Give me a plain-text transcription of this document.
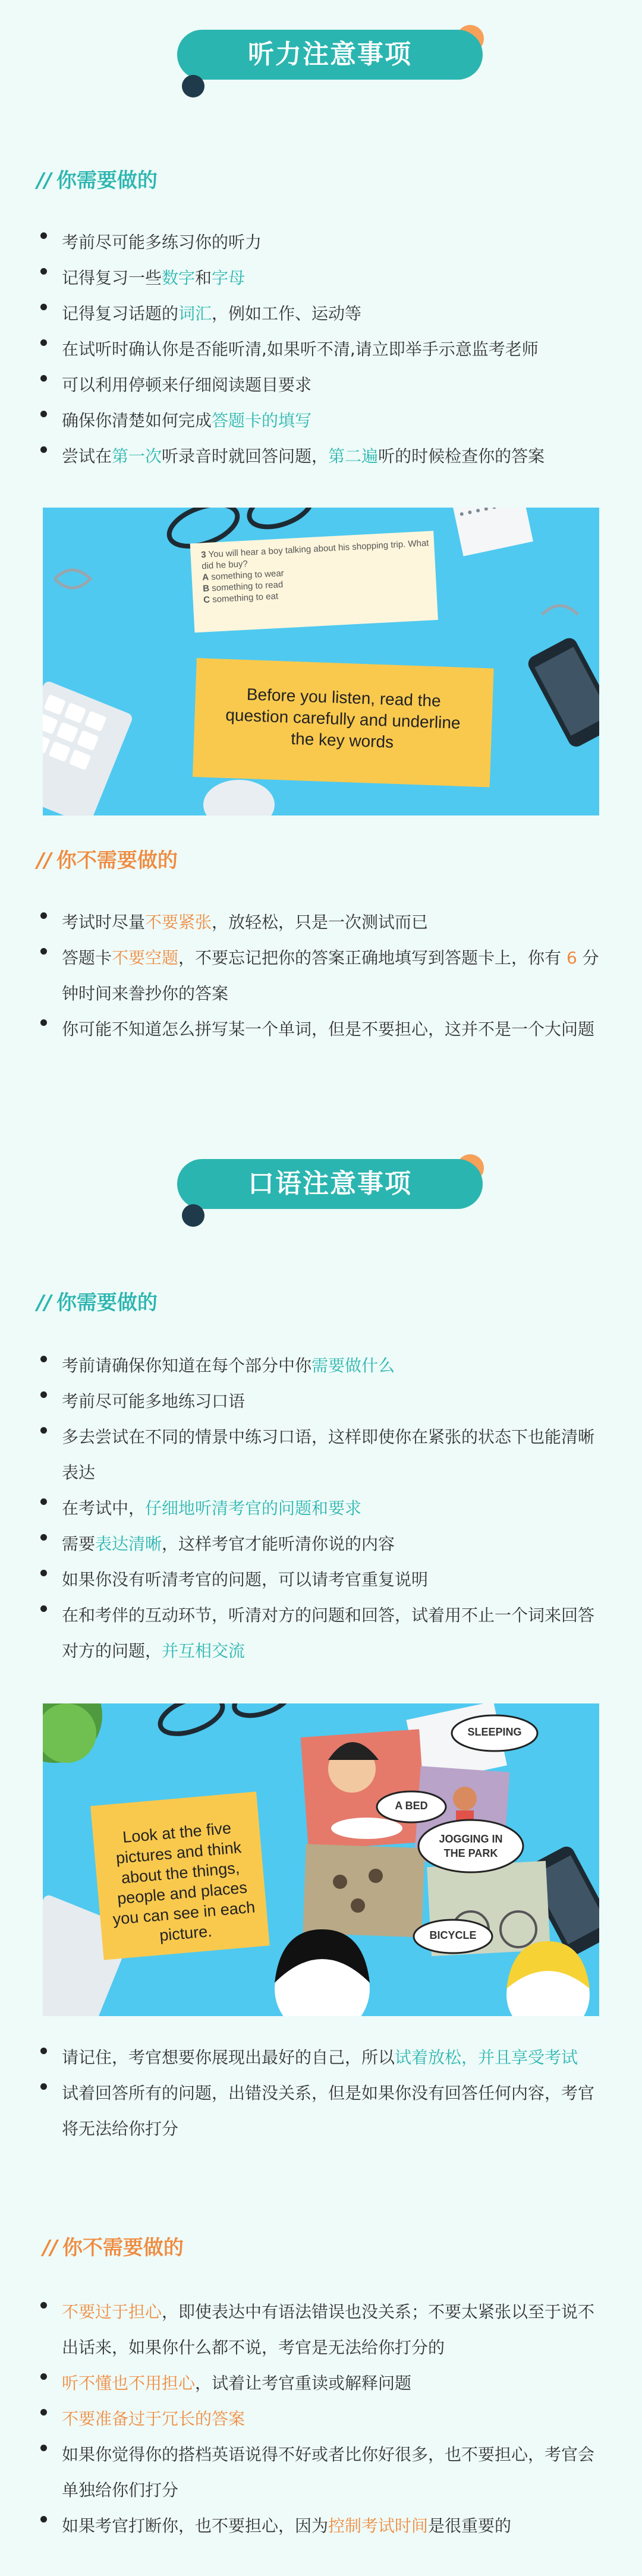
听力注意事项
// 你需要做的

考前尽可能多练习你的听力

记得复习一些数字和字母

记得复习话题的词汇，例如工作、运动等

在试听时确认你是否能听清,如果听不清,请立即举手示意监考老师

可以利用停顿来仔细阅读题目要求

确保你清楚如何完成答题卡的填写

尝试在第一次听录音时就回答问题，第二遍听的时候检查你的答案

3 You will hear a boy talking about his shopping trip. What did he buy?
A something to wear
B something to read
C something to eat
Before you listen, read the question carefully and underline the key words
// 你不需要做的

考试时尽量不要紧张，放轻松，只是一次测试而已

答题卡不要空题，不要忘记把你的答案正确地填写到答题卡上，你有 6 分钟时间来誊抄你的答案

你可能不知道怎么拼写某一个单词，但是不要担心，这并不是一个大问题

口语注意事项
// 你需要做的

考前请确保你知道在每个部分中你需要做什么

考前尽可能多地练习口语

多去尝试在不同的情景中练习口语，这样即使你在紧张的状态下也能清晰表达

在考试中，仔细地听清考官的问题和要求

需要表达清晰，这样考官才能听清你说的内容

如果你没有听清考官的问题，可以请考官重复说明

在和考伴的互动环节，听清对方的问题和回答，试着用不止一个词来回答对方的问题，并互相交流

Look at the five pictures and think about the things, people and places you can see in each picture.
SLEEPING
A BED
JOGGING IN THE PARK
BICYCLE

请记住，考官想要你展现出最好的自己，所以试着放松，并且享受考试

试着回答所有的问题，出错没关系，但是如果你没有回答任何内容，考官将无法给你打分

// 你不需要做的

不要过于担心，即使表达中有语法错误也没关系；不要太紧张以至于说不出话来，如果你什么都不说，考官是无法给你打分的

听不懂也不用担心，试着让考官重读或解释问题

不要准备过于冗长的答案

如果你觉得你的搭档英语说得不好或者比你好很多，也不要担心，考官会单独给你们打分

如果考官打断你，也不要担心，因为控制考试时间是很重要的
